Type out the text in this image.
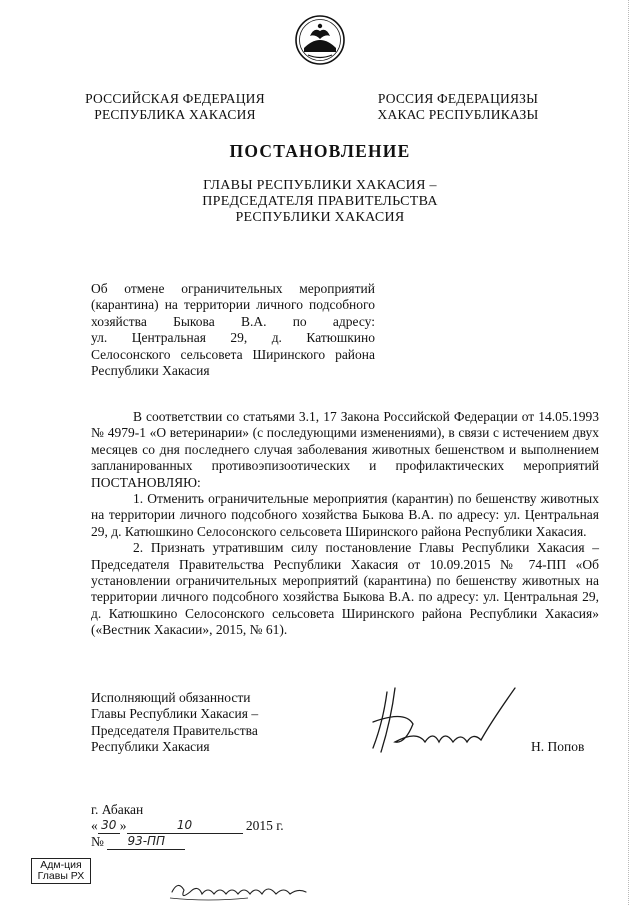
РОССИЙСКАЯ ФЕДЕРАЦИЯ
РЕСПУБЛИКА ХАКАСИЯ
РОССИЯ ФЕДЕРАЦИЯЗЫ
ХАКАС РЕСПУБЛИКАЗЫ
ПОСТАНОВЛЕНИЕ
ГЛАВЫ РЕСПУБЛИКИ ХАКАСИЯ –
ПРЕДСЕДАТЕЛЯ ПРАВИТЕЛЬСТВА
РЕСПУБЛИКИ ХАКАСИЯ
Об отмене ограничительных мероприятий
(карантина) на территории личного подсобного
хозяйства Быкова В.А. по адресу:
ул. Центральная 29, д. Катюшкино
Селосонского сельсовета Ширинского района
Республики Хакасия

В соответствии со статьями 3.1, 17 Закона Российской Федерации от 14.05.1993 № 4979-1 «О ветеринарии» (с последующими изменениями), в связи с истечением двух месяцев со дня последнего случая заболевания животных бешенством и выполнением запланированных противоэпизоотических и профилактических мероприятий ПОСТАНОВЛЯЮ:

1. Отменить ограничительные мероприятия (карантин) по бешенству животных на территории личного подсобного хозяйства Быкова В.А. по адресу: ул. Центральная 29, д. Катюшкино Селосонского сельсовета Ширинского района Республики Хакасия.

2. Признать утратившим силу постановление Главы Республики Хакасия – Председателя Правительства Республики Хакасия от 10.09.2015 № 74-ПП «Об установлении ограничительных мероприятий (карантина) по бешенству животных на территории личного подсобного хозяйства Быкова В.А. по адресу: ул. Центральная 29, д. Катюшкино Селосонского сельсовета Ширинского района Республики Хакасия» («Вестник Хакасии», 2015, № 61).

Исполняющий обязанности
Главы Республики Хакасия –
Председателя Правительства
Республики Хакасия	Н. Попов
г. Абакан
« 30 »	10	2015 г.
№ 93-ПП
Адм-ция
Главы РХ
